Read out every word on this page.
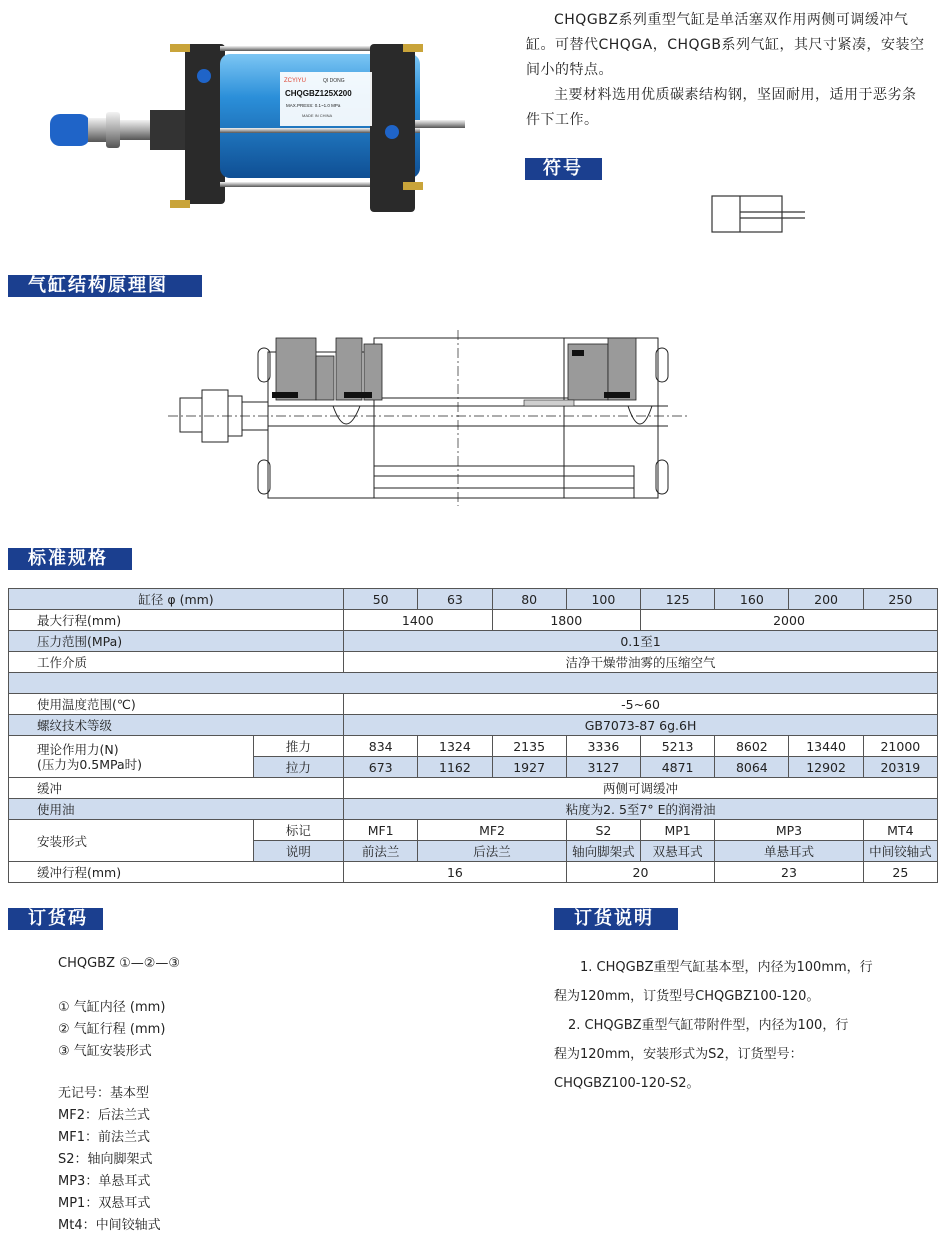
ZCYIYU	QI DONG
CHQGBZ125X200
MAX.PRESS: 0.1~1.0 MPa
MADE IN CHINA

CHQGBZ系列重型气缸是单活塞双作用两侧可调缓冲气缸。可替代CHQGA，CHQGB系列气缸，其尺寸紧凑，安装空间小的特点。

主要材料选用优质碳素结构钢，坚固耐用，适用于恶劣条件下工作。

符号
气缸结构原理图
标准规格
缸径 φ (mm)		50	63	80	100	125	160	200	250
最大行程(mm)		1400		1800		2000			
压力范围(MPa)		0.1至1							
工作介质		洁净干燥带油雾的压缩空气							

使用温度范围(℃)		-5~60							
螺纹技术等级		GB7073-87 6g.6H							

理论作用力(N)
(压力为0.5MPa时)	推力	834	1324	2135	3336	5213	8602	13440	21000
	拉力	673	1162	1927	3127	4871	8064	12902	20319
缓冲		两侧可调缓冲							
使用油		粘度为2. 5至7° E的润滑油							
安装形式	标记	MF1	MF2		S2	MP1	MP3		MT4
	说明	前法兰	后法兰		轴向脚架式	双悬耳式	单悬耳式		中间铰轴式
缓冲行程(mm)		16			20		23		25
订货码
CHQGBZ ①—②—③
① 气缸内径 (mm)
② 气缸行程 (mm)
③ 气缸安装形式
无记号：基本型
MF2：后法兰式
MF1：前法兰式
S2：轴向脚架式
MP3：单悬耳式
MP1：双悬耳式
Mt4：中间铰轴式
订货说明

1. CHQGBZ重型气缸基本型，内径为100mm，行

程为120mm，订货型号CHQGBZ100-120。

2. CHQGBZ重型气缸带附件型，内径为100，行

程为120mm，安装形式为S2，订货型号：

CHQGBZ100-120-S2。
